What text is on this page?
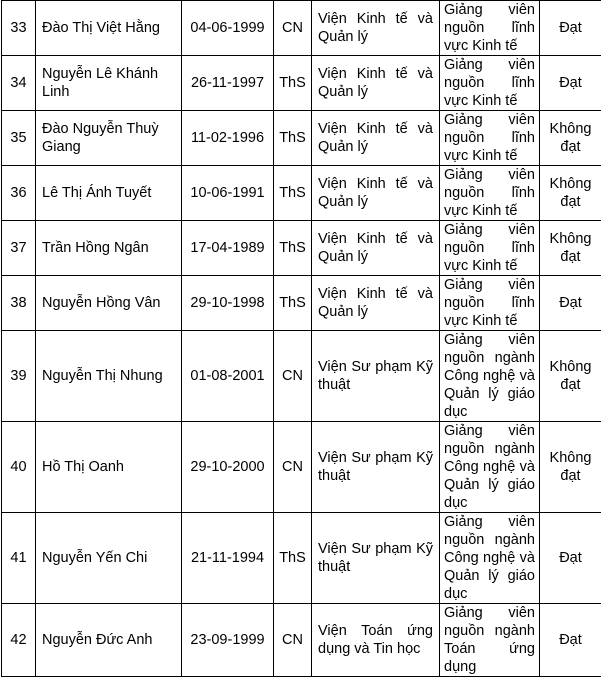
33	Đào Thị Việt Hằng	04-06-1999	CN	Viện Kinh tế và Quản lý	Giảng viên nguồn lĩnh vực Kinh tế	Đạt
34	Nguyễn Lê Khánh Linh	26-11-1997	ThS	Viện Kinh tế và Quản lý	Giảng viên nguồn lĩnh vực Kinh tế	Đạt
35	Đào Nguyễn Thuỳ Giang	11-02-1996	ThS	Viện Kinh tế và Quản lý	Giảng viên nguồn lĩnh vực Kinh tế	Không đạt
36	Lê Thị Ánh Tuyết	10-06-1991	ThS	Viện Kinh tế và Quản lý	Giảng viên nguồn lĩnh vực Kinh tế	Không đạt
37	Trần Hồng Ngân	17-04-1989	ThS	Viện Kinh tế và Quản lý	Giảng viên nguồn lĩnh vực Kinh tế	Không đạt
38	Nguyễn Hồng Vân	29-10-1998	ThS	Viện Kinh tế và Quản lý	Giảng viên nguồn lĩnh vực Kinh tế	Đạt
39	Nguyễn Thị Nhung	01-08-2001	CN	Viện Sư phạm Kỹ thuật	Giảng viên nguồn ngành Công nghệ và Quản lý giáo dục	Không đạt
40	Hồ Thị Oanh	29-10-2000	CN	Viện Sư phạm Kỹ thuật	Giảng viên nguồn ngành Công nghệ và Quản lý giáo dục	Không đạt
41	Nguyễn Yến Chi	21-11-1994	ThS	Viện Sư phạm Kỹ thuật	Giảng viên nguồn ngành Công nghệ và Quản lý giáo dục	Đạt
42	Nguyễn Đức Anh	23-09-1999	CN	Viện Toán ứng dụng và Tin học	Giảng viên nguồn ngành Toán ứng dụng	Đạt
